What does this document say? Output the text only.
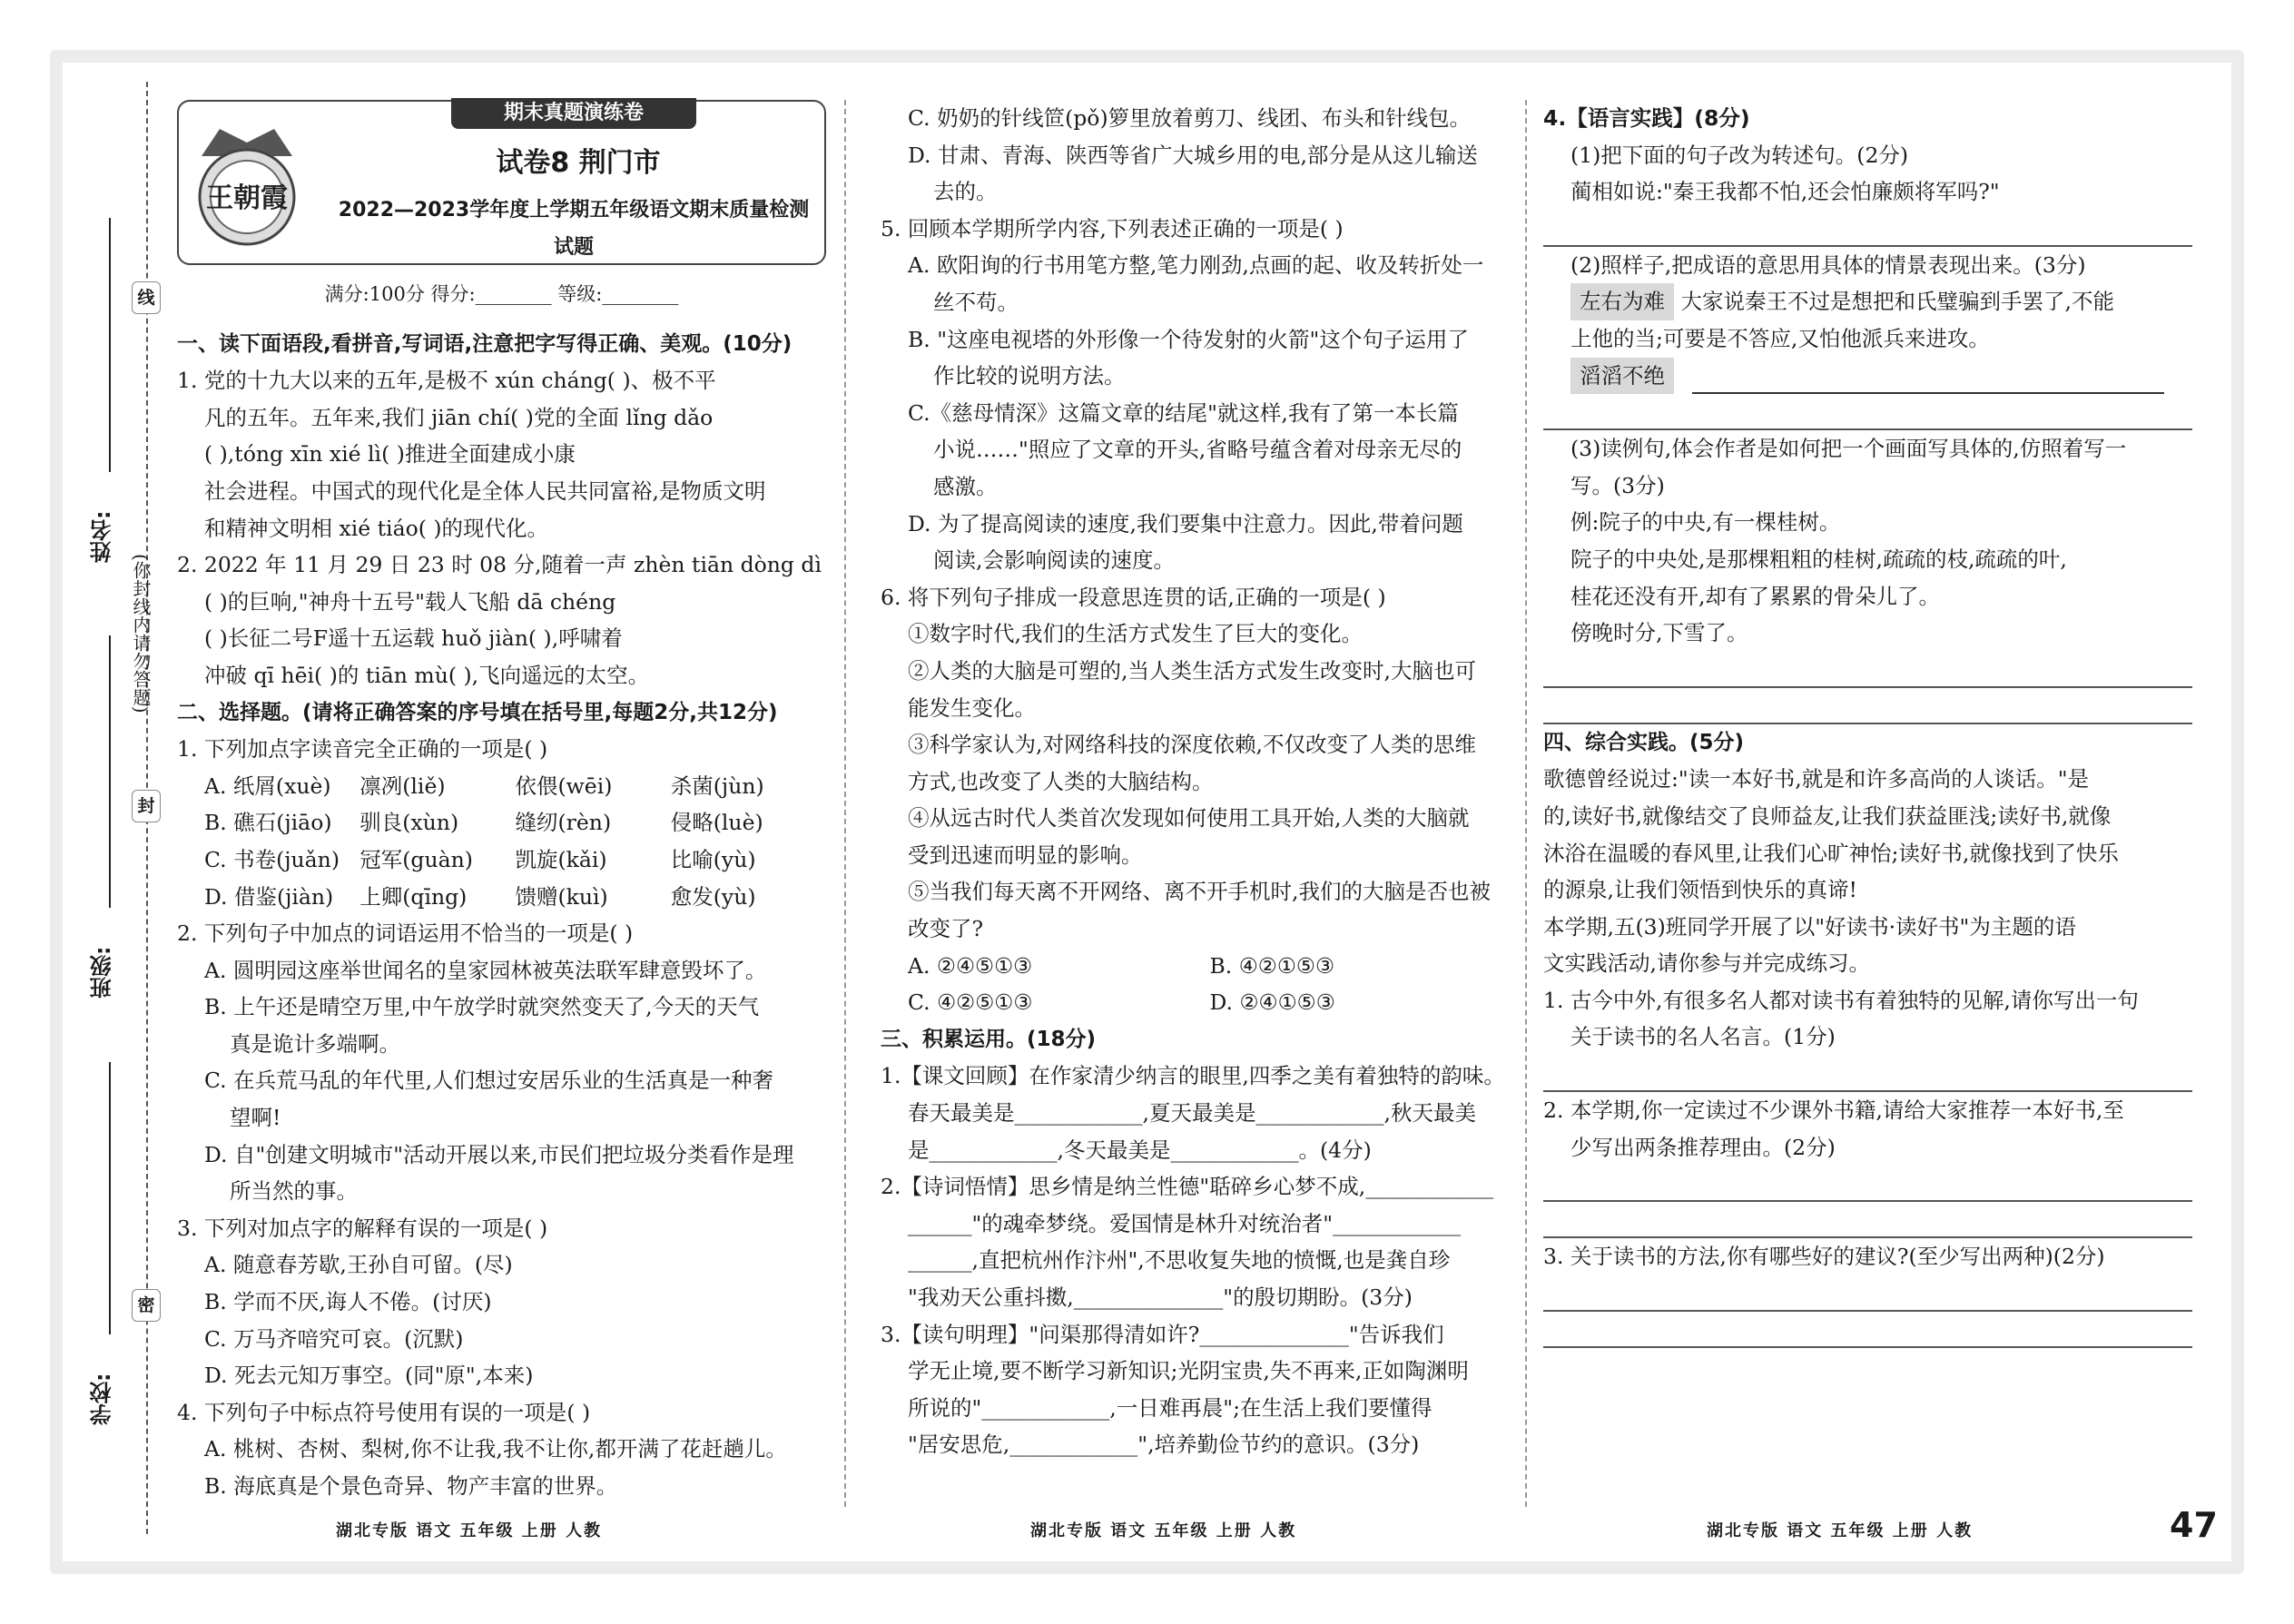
姓名:
班级:
学校:
线
封
密
(你封线内请勿答题)
期末真题演练卷
王朝霞
试卷8 荆门市
2022—2023学年度上学期五年级语文期末质量检测试题
满分:100分 得分:________ 等级:________
一、读下面语段,看拼音,写词语,注意把字写得正确、美观。(10分)
1. 党的十九大以来的五年,是极不 xún cháng( )、极不平
凡的五年。五年来,我们 jiān chí( )党的全面 lǐng dǎo
( ),tóng xīn xié lì( )推进全面建成小康
社会进程。中国式的现代化是全体人民共同富裕,是物质文明
和精神文明相 xié tiáo( )的现代化。
2. 2022 年 11 月 29 日 23 时 08 分,随着一声 zhèn tiān dòng dì
( )的巨响,"神舟十五号"载人飞船 dā chéng
( )长征二号F遥十五运载 huǒ jiàn( ),呼啸着
冲破 qī hēi( )的 tiān mù( ),飞向遥远的太空。
二、选择题。(请将正确答案的序号填在括号里,每题2分,共12分)
1. 下列加点字读音完全正确的一项是( )
A. 纸屑(xuè)	凛冽(liě)	依偎(wēi)	杀菌(jùn)
B. 礁石(jiāo)	驯良(xùn)	缝纫(rèn)	侵略(luè)
C. 书卷(juǎn) 冠军(guàn)	凯旋(kǎi)	比喻(yù)
D. 借鉴(jiàn)	上卿(qīng)	馈赠(kuì)	愈发(yù)
2. 下列句子中加点的词语运用不恰当的一项是( )
A. 圆明园这座举世闻名的皇家园林被英法联军肆意毁坏了。
B. 上午还是晴空万里,中午放学时就突然变天了,今天的天气
真是诡计多端啊。
C. 在兵荒马乱的年代里,人们想过安居乐业的生活真是一种奢
望啊!
D. 自"创建文明城市"活动开展以来,市民们把垃圾分类看作是理
所当然的事。
3. 下列对加点字的解释有误的一项是( )
A. 随意春芳歇,王孙自可留。(尽)
B. 学而不厌,诲人不倦。(讨厌)
C. 万马齐喑究可哀。(沉默)
D. 死去元知万事空。(同"原",本来)
4. 下列句子中标点符号使用有误的一项是( )
A. 桃树、杏树、梨树,你不让我,我不让你,都开满了花赶趟儿。
B. 海底真是个景色奇异、物产丰富的世界。
C. 奶奶的针线笸(pǒ)箩里放着剪刀、线团、布头和针线包。
D. 甘肃、青海、陕西等省广大城乡用的电,部分是从这儿输送
去的。
5. 回顾本学期所学内容,下列表述正确的一项是( )
A. 欧阳询的行书用笔方整,笔力刚劲,点画的起、收及转折处一
丝不苟。
B. "这座电视塔的外形像一个待发射的火箭"这个句子运用了
作比较的说明方法。
C.《慈母情深》这篇文章的结尾"就这样,我有了第一本长篇
小说……"照应了文章的开头,省略号蕴含着对母亲无尽的
感激。
D. 为了提高阅读的速度,我们要集中注意力。因此,带着问题
阅读,会影响阅读的速度。
6. 将下列句子排成一段意思连贯的话,正确的一项是( )
①数字时代,我们的生活方式发生了巨大的变化。
②人类的大脑是可塑的,当人类生活方式发生改变时,大脑也可
能发生变化。
③科学家认为,对网络科技的深度依赖,不仅改变了人类的思维
方式,也改变了人类的大脑结构。
④从远古时代人类首次发现如何使用工具开始,人类的大脑就
受到迅速而明显的影响。
⑤当我们每天离不开网络、离不开手机时,我们的大脑是否也被
改变了?
A. ②④⑤①③	B. ④②①⑤③
C. ④②⑤①③	D. ②④①⑤③
三、积累运用。(18分)
1.【课文回顾】在作家清少纳言的眼里,四季之美有着独特的韵味。
春天最美是____________,夏天最美是____________,秋天最美
是____________,冬天最美是____________。(4分)
2.【诗词悟情】思乡情是纳兰性德"聒碎乡心梦不成,____________
______"的魂牵梦绕。爱国情是林升对统治者"____________
______,直把杭州作汴州",不思收复失地的愤慨,也是龚自珍
"我劝天公重抖擞,______________"的殷切期盼。(3分)
3.【读句明理】"问渠那得清如许?______________"告诉我们
学无止境,要不断学习新知识;光阴宝贵,失不再来,正如陶渊明
所说的"____________,一日难再晨";在生活上我们要懂得
"居安思危,____________",培养勤俭节约的意识。(3分)
4.【语言实践】(8分)
(1)把下面的句子改为转述句。(2分)
蔺相如说:"秦王我都不怕,还会怕廉颇将军吗?"
(2)照样子,把成语的意思用具体的情景表现出来。(3分)
左右为难 大家说秦王不过是想把和氏璧骗到手罢了,不能
上他的当;可要是不答应,又怕他派兵来进攻。
滔滔不绝
(3)读例句,体会作者是如何把一个画面写具体的,仿照着写一
写。(3分)
例:院子的中央,有一棵桂树。
院子的中央处,是那棵粗粗的桂树,疏疏的枝,疏疏的叶,
桂花还没有开,却有了累累的骨朵儿了。
傍晚时分,下雪了。
四、综合实践。(5分)
歌德曾经说过:"读一本好书,就是和许多高尚的人谈话。"是
的,读好书,就像结交了良师益友,让我们获益匪浅;读好书,就像
沐浴在温暖的春风里,让我们心旷神怡;读好书,就像找到了快乐
的源泉,让我们领悟到快乐的真谛!
本学期,五(3)班同学开展了以"好读书·读好书"为主题的语
文实践活动,请你参与并完成练习。
1. 古今中外,有很多名人都对读书有着独特的见解,请你写出一句
关于读书的名人名言。(1分)
2. 本学期,你一定读过不少课外书籍,请给大家推荐一本好书,至
少写出两条推荐理由。(2分)
3. 关于读书的方法,你有哪些好的建议?(至少写出两种)(2分)
湖北专版 语文 五年级 上册 人教	湖北专版 语文 五年级 上册 人教	湖北专版 语文 五年级 上册 人教	47
